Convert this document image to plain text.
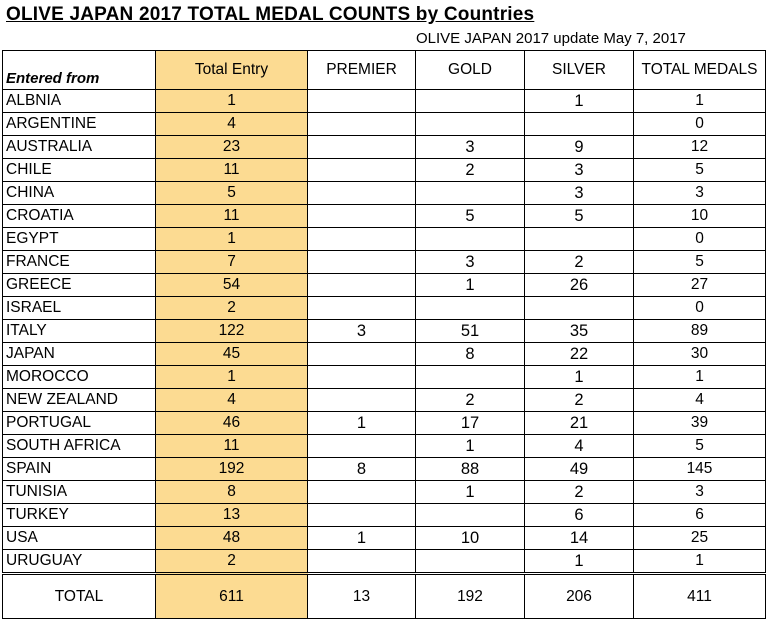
OLIVE JAPAN 2017 TOTAL MEDAL COUNTS by Countries
OLIVE JAPAN 2017 update May 7, 2017
Entered from	Total Entry	PREMIER	GOLD	SILVER	TOTAL MEDALS
ALBNIA	1			1	1
ARGENTINE	4				0
AUSTRALIA	23		3	9	12
CHILE	11		2	3	5
CHINA	5			3	3
CROATIA	11		5	5	10
EGYPT	1				0
FRANCE	7		3	2	5
GREECE	54		1	26	27
ISRAEL	2				0
ITALY	122	3	51	35	89
JAPAN	45		8	22	30
MOROCCO	1			1	1
NEW ZEALAND	4		2	2	4
PORTUGAL	46	1	17	21	39
SOUTH AFRICA	11		1	4	5
SPAIN	192	8	88	49	145
TUNISIA	8		1	2	3
TURKEY	13			6	6
USA	48	1	10	14	25
URUGUAY	2			1	1
TOTAL	611	13	192	206	411
